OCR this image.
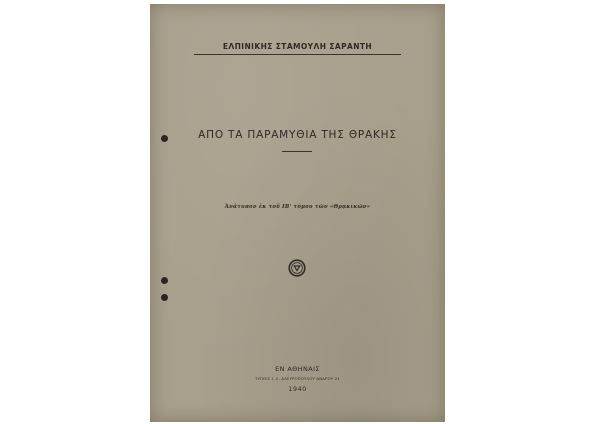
ΕΛΠΙΝΙΚΗΣ ΣΤΑΜΟΥΛΗ ΣΑΡΑΝΤΗ
ΑΠΟ ΤΑ ΠΑΡΑΜΥΘΙΑ ΤΗΣ ΘΡΑΚΗΣ
Ἀνάτυπον ἐκ τοῦ ΙΒ' τόμου τῶν «Θρᾳκικῶν»
ΕΝ ΑΘΗΝΑΙΣ
ΤΥΠΟΙΣ Ι. Λ. ΑΛΕΥΡΟΠΟΥΛΟΥ ΑΝΔΡΟΥ 21
1940
